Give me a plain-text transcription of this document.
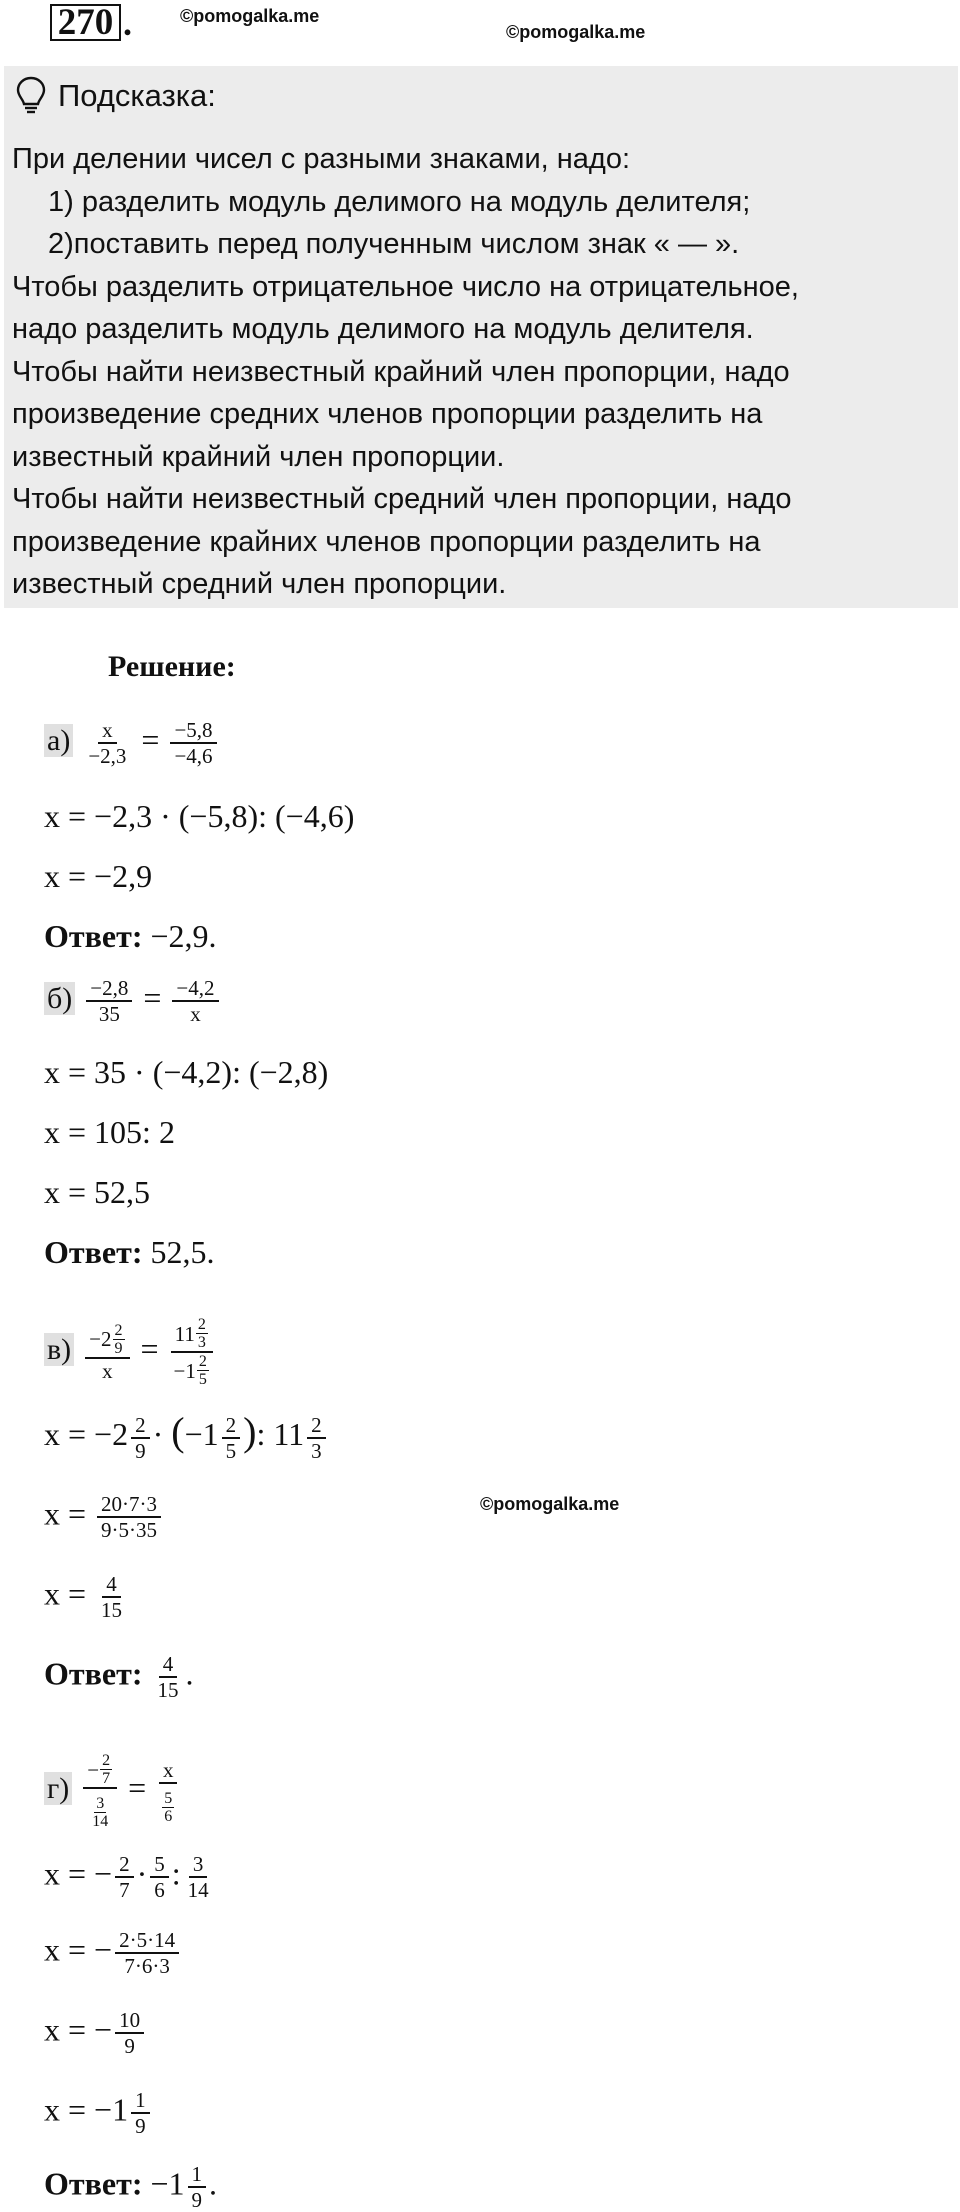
270 .	©pomogalka.me
©pomogalka.me
Подсказка:
При делении чисел с разными знаками, надо:
1) разделить модуль делимого на модуль делителя;
2)поставить перед полученным числом знак « — ».
Чтобы разделить отрицательное число на отрицательное,
надо разделить модуль делимого на модуль делителя.
Чтобы найти неизвестный крайний член пропорции, надо
произведение средних членов пропорции разделить на
известный крайний член пропорции.
Чтобы найти неизвестный средний член пропорции, надо
произведение крайних членов пропорции разделить на
известный средний член пропорции.
Решение:
$а) \frac{x}{-2,3} = \frac{-5,8}{-4,6}$
x = −2,3 · (−5,8): (−4,6)
x = −2,9
Ответ: −2,9.
$б) \frac{-2,8}{35} = \frac{-4,2}{x}$
x = 35 · (−4,2): (−2,8)
x = 105: 2
x = 52,5
Ответ: 52,5.
$в) \frac{-2 \frac{2}{9}}{x} = \frac{11 \frac{2}{3}}{-1 \frac{2}{5}}$
$x = -2 \frac{2}{9} \cdot (-1 \frac{2}{5}$ ): $11 \frac{2}{3}$
$x = \frac{20\cdot 7\cdot 3}{9\cdot 5\cdot 35}$	©pomogalka.me
$x = \frac{4}{15}$
Ответ: $\frac{4}{15}$ .
$г) \frac{- \frac{2}{7}}{\frac{3}{14}} = \frac{x}{\frac{5}{6}}$
x = − $\frac{2}{7} \cdot \frac{5}{6}$ : $\frac{3}{14}$
x = − $\frac{2\cdot 5\cdot 14}{7\cdot 6\cdot 3}$
x = − $\frac{10}{9}$
$x = -1 \frac{1}{9}$
Ответ: $-1 \frac{1}{9}$ .
